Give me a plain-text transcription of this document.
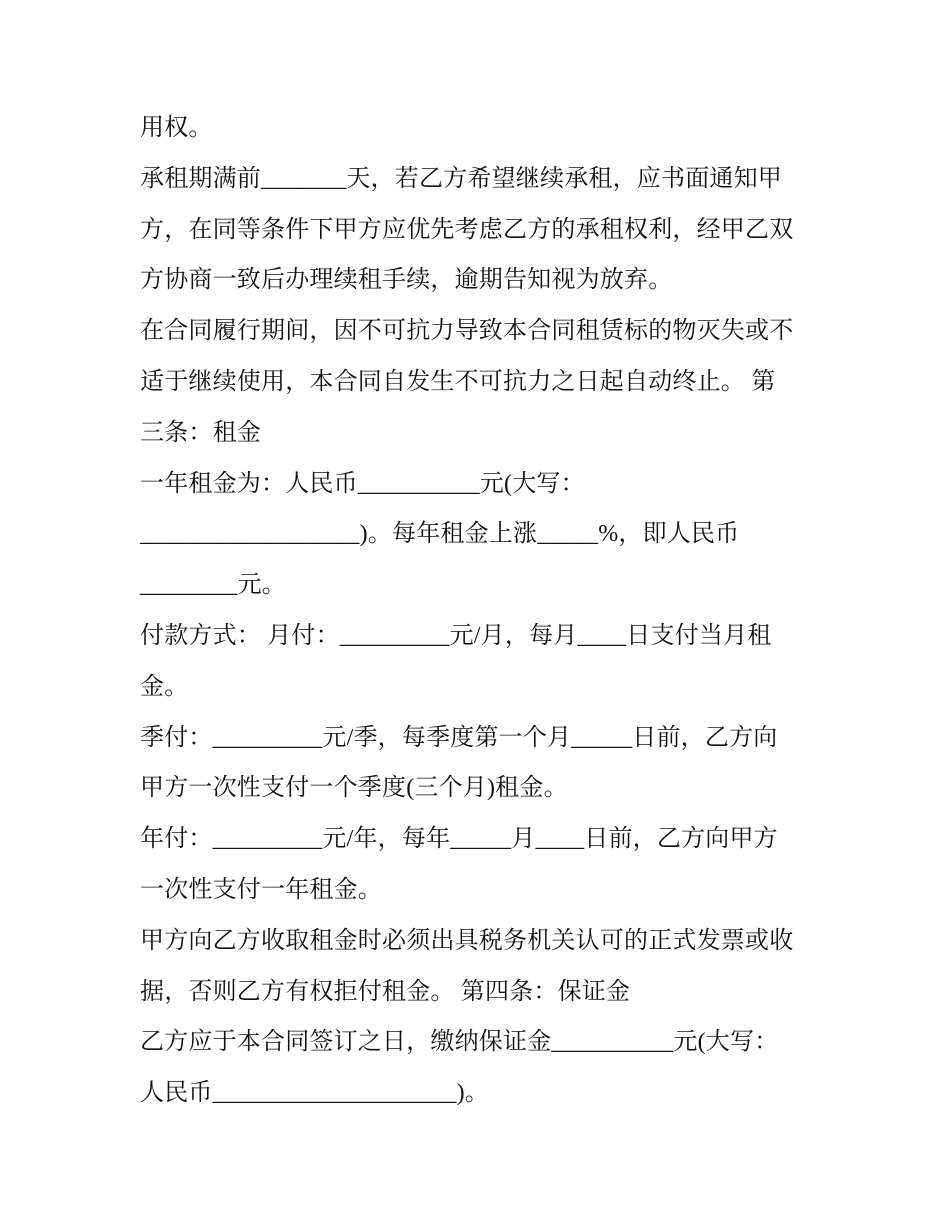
用权。
承租期满前_______天，若乙方希望继续承租，应书面通知甲
方，在同等条件下甲方应优先考虑乙方的承租权利，经甲乙双
方协商一致后办理续租手续，逾期告知视为放弃。
在合同履行期间，因不可抗力导致本合同租赁标的物灭失或不
适于继续使用，本合同自发生不可抗力之日起自动终止。 第
三条：租金
一年租金为：人民币__________元(大写：
__________________)。每年租金上涨_____%，即人民币
________元。
付款方式： 月付：_________元/月，每月____日支付当月租
金。
季付：_________元/季，每季度第一个月_____日前，乙方向
甲方一次性支付一个季度(三个月)租金。
年付：_________元/年，每年_____月____日前，乙方向甲方
一次性支付一年租金。
甲方向乙方收取租金时必须出具税务机关认可的正式发票或收
据，否则乙方有权拒付租金。 第四条：保证金
乙方应于本合同签订之日，缴纳保证金__________元(大写：
人民币____________________)。
